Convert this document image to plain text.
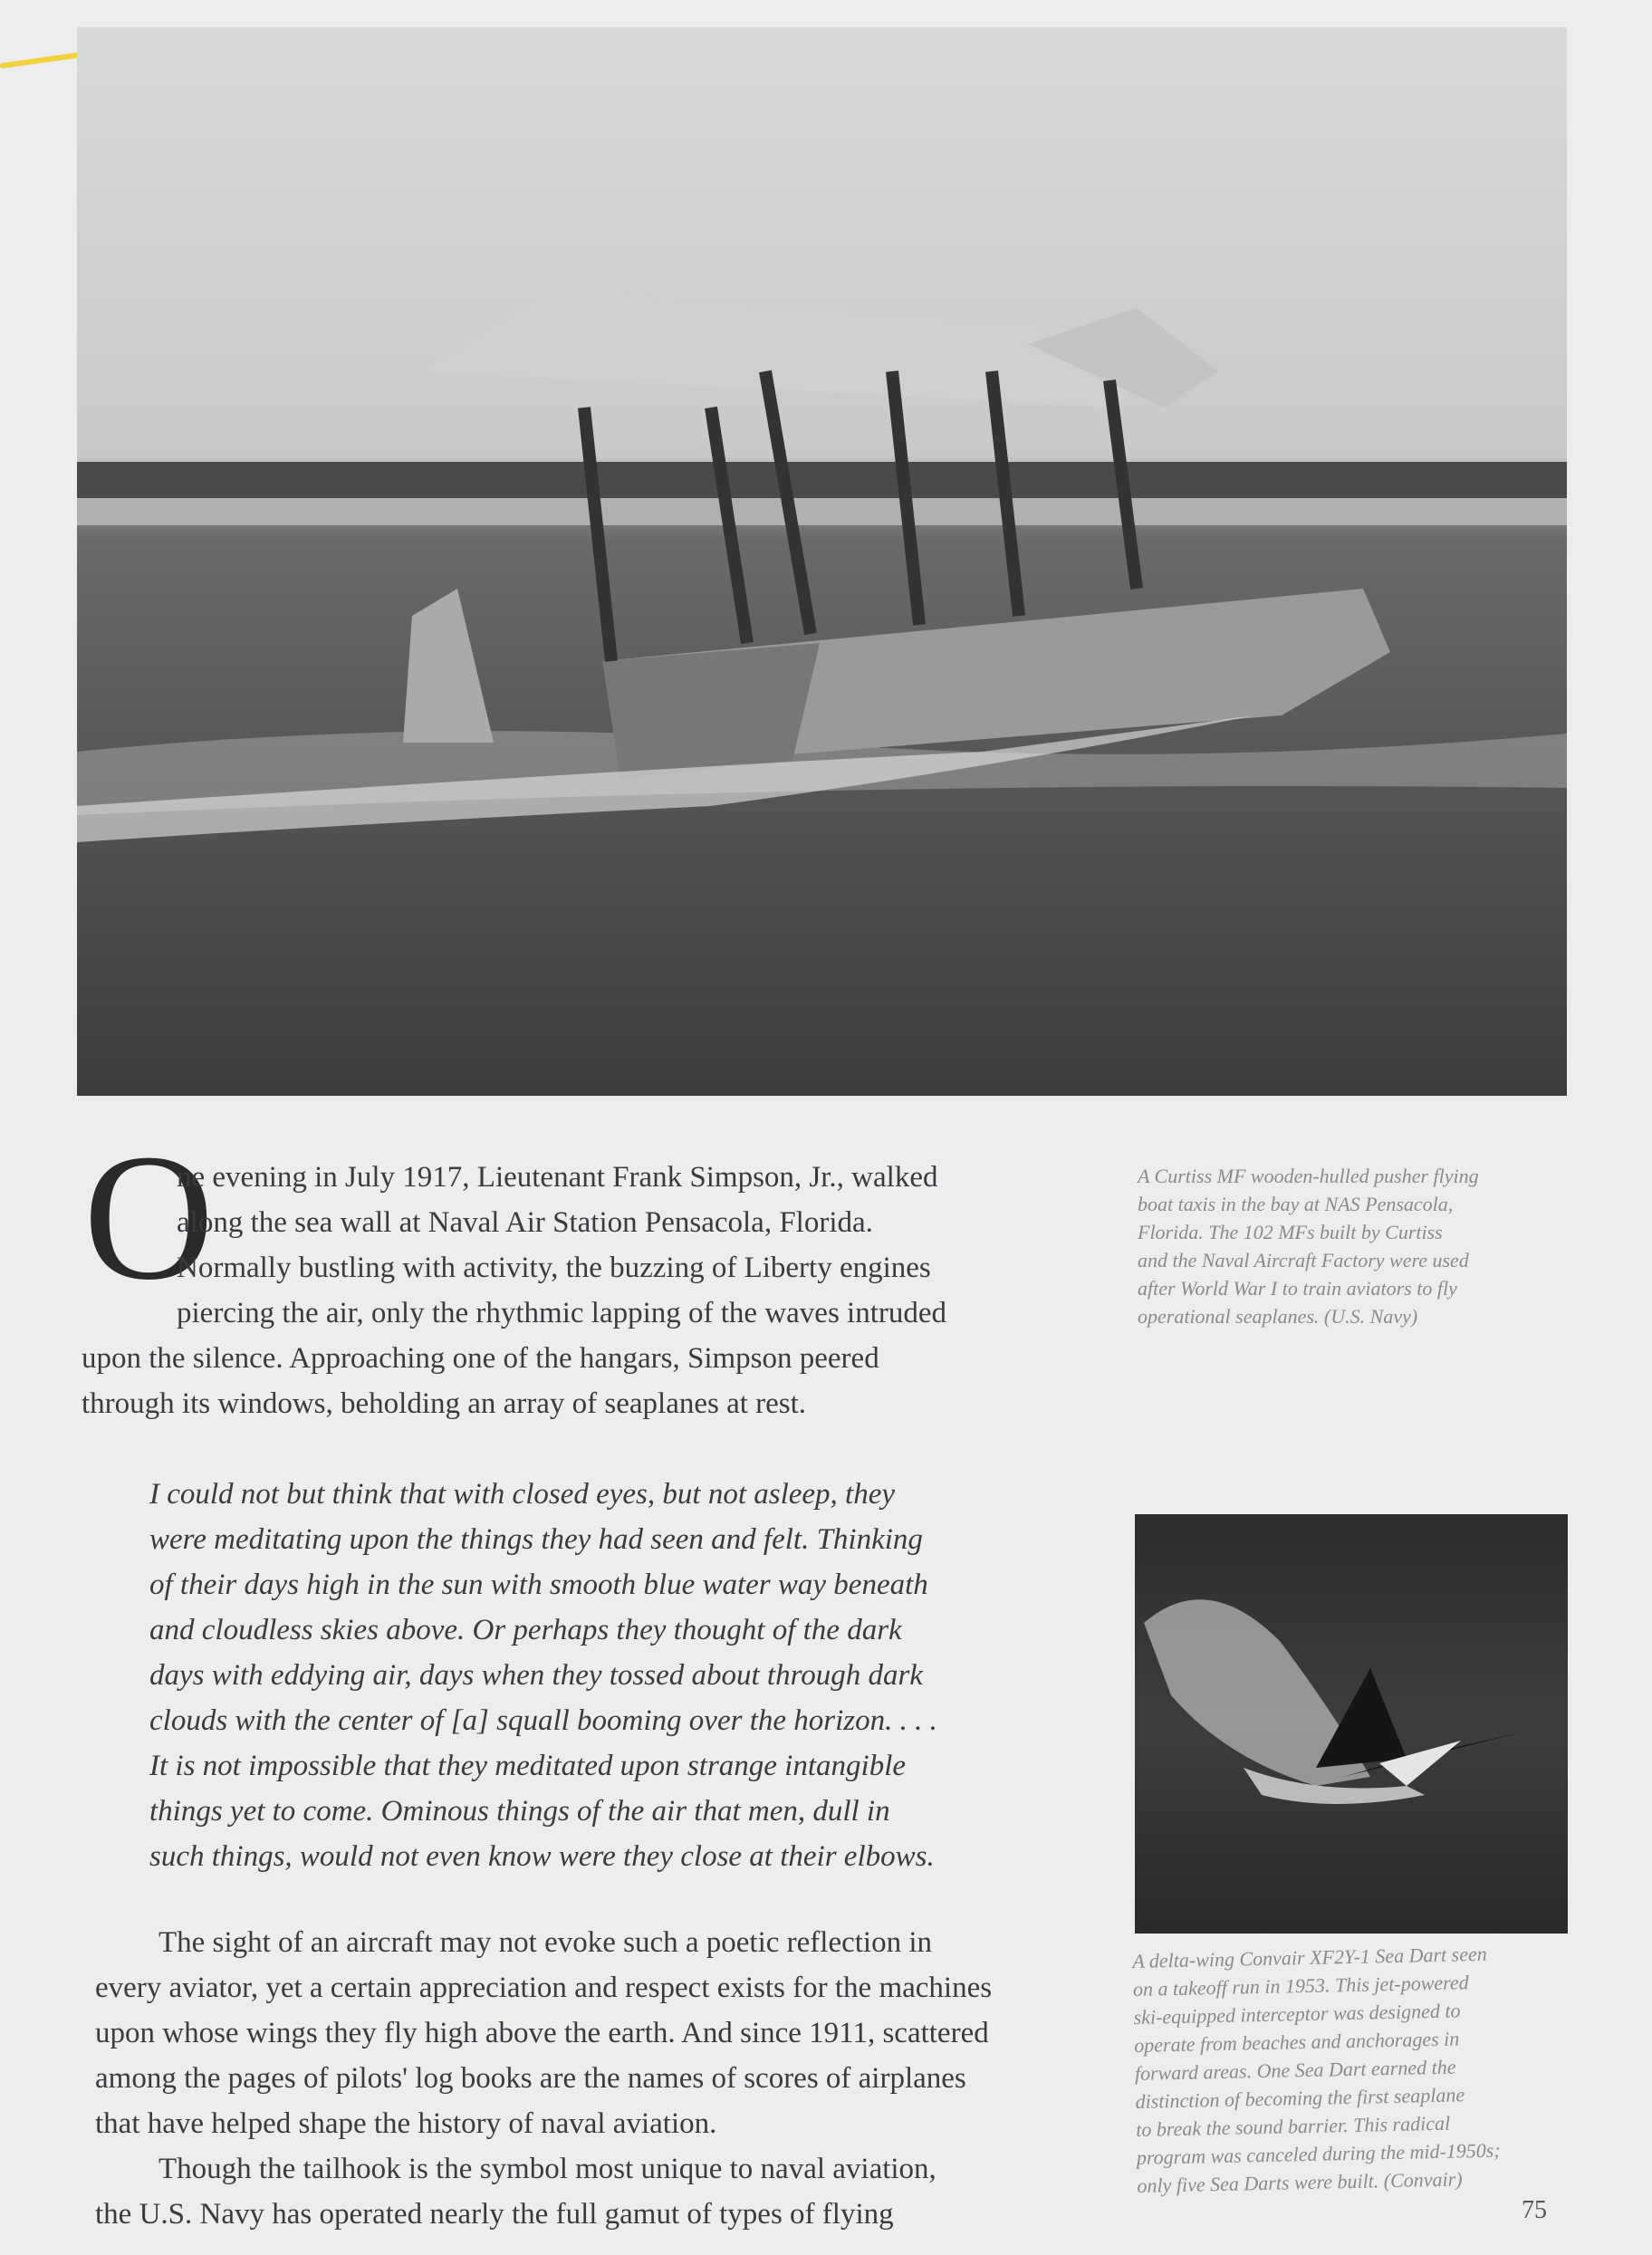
O
ne evening in July 1917, Lieutenant Frank Simpson, Jr., walked
along the sea wall at Naval Air Station Pensacola, Florida.
Normally bustling with activity, the buzzing of Liberty engines
piercing the air, only the rhythmic lapping of the waves intruded
upon the silence. Approaching one of the hangars, Simpson peered
through its windows, beholding an array of seaplanes at rest.
I could not but think that with closed eyes, but not asleep, they
were meditating upon the things they had seen and felt. Thinking
of their days high in the sun with smooth blue water way beneath
and cloudless skies above. Or perhaps they thought of the dark
days with eddying air, days when they tossed about through dark
clouds with the center of [a] squall booming over the horizon. . . .
It is not impossible that they meditated upon strange intangible
things yet to come. Ominous things of the air that men, dull in
such things, would not even know were they close at their elbows.
The sight of an aircraft may not evoke such a poetic reflection in
every aviator, yet a certain appreciation and respect exists for the machines
upon whose wings they fly high above the earth. And since 1911, scattered
among the pages of pilots' log books are the names of scores of airplanes
that have helped shape the history of naval aviation.
Though the tailhook is the symbol most unique to naval aviation,
the U.S. Navy has operated nearly the full gamut of types of flying
A Curtiss MF wooden-hulled pusher flying
boat taxis in the bay at NAS Pensacola,
Florida. The 102 MFs built by Curtiss
and the Naval Aircraft Factory were used
after World War I to train aviators to fly
operational seaplanes. (U.S. Navy)
A delta-wing Convair XF2Y-1 Sea Dart seen
on a takeoff run in 1953. This jet-powered
ski-equipped interceptor was designed to
operate from beaches and anchorages in
forward areas. One Sea Dart earned the
distinction of becoming the first seaplane
to break the sound barrier. This radical
program was canceled during the mid-1950s;
only five Sea Darts were built. (Convair)
75
